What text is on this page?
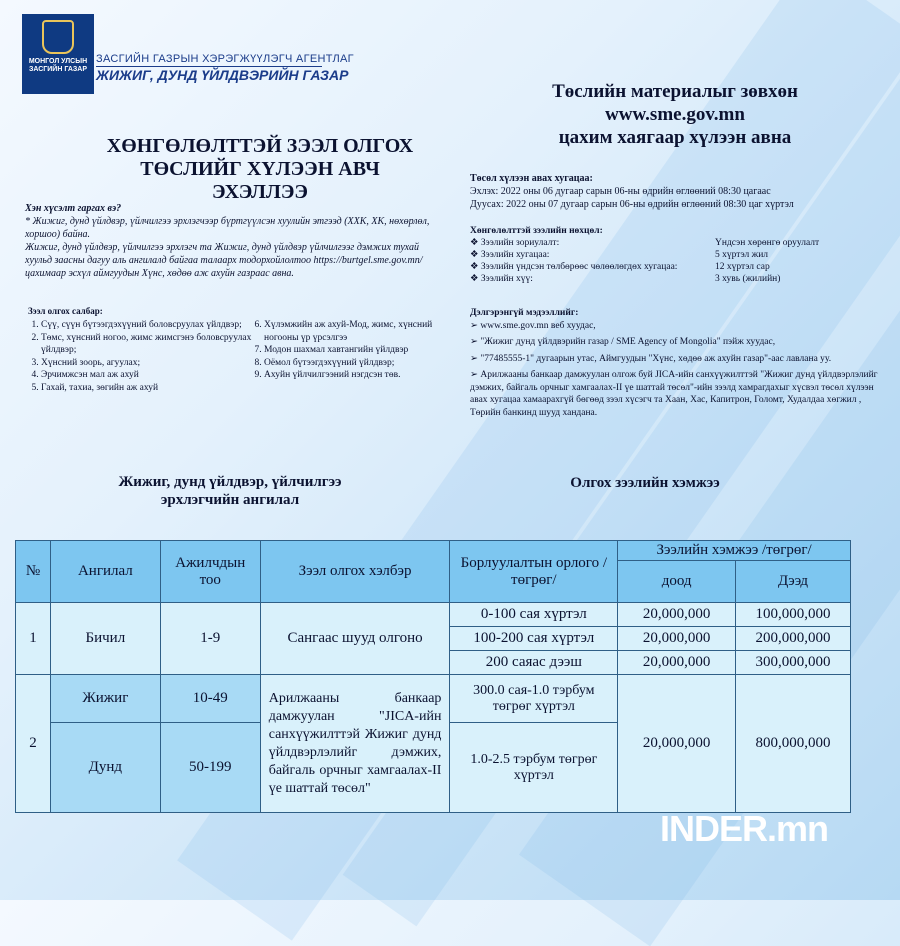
МОНГОЛ УЛСЫН ЗАСГИЙН ГАЗАР
ЗАСГИЙН ГАЗРЫН ХЭРЭГЖҮҮЛЭГЧ АГЕНТЛАГ
ЖИЖИГ, ДУНД ҮЙЛДВЭРИЙН ГАЗАР
ХӨНГӨЛӨЛТТЭЙ ЗЭЭЛ ОЛГОХ
ТӨСЛИЙГ ХҮЛЭЭН АВЧ ЭХЭЛЛЭЭ
Хэн хүсэлт гаргах вэ?
* Жижиг, дунд үйлдвэр, үйлчилгээ эрхлэгчээр бүртгүүлсэн хуулийн этгээд (ХХК, ХК, нөхөрлөл, хоршоо) байна.
Жижиг, дунд үйлдвэр, үйлчилгээ эрхлэгч та Жижиг, дунд үйлдвэр үйлчилгээг дэмжих тухай хуульд заасны дагуу аль ангилалд байгаа талаарх тодорхойлолтоо https://burtgel.sme.gov.mn/ цахимаар эсхүл аймгуудын Хүнс, хөдөө аж ахуйн газраас авна.
Зээл олгох салбар:
1. Сүү, сүүн бүтээгдэхүүний боловсруулах үйлдвэр;
2. Төмс, хүнсний ногоо, жимс жимсгэнэ боловсруулах үйлдвэр;
3. Хүнсний зоорь, агуулах;
4. Эрчимжсэн мал аж ахуй
5. Гахай, тахиа, зөгийн аж ахуй
6. Хүлэмжийн аж ахуй-Мод, жимс, хүнсний ногооны үр үрсэлгээ
7. Модон шахмал хавтангийн үйлдвэр
8. Оёмол бүтээгдэхүүний үйлдвэр;
9. Ахуйн үйлчилгээний нэгдсэн төв.
Төслийн материалыг зөвхөн
www.sme.gov.mn
цахим хаягаар хүлээн авна
Төсөл хүлээн авах хугацаа:
Эхлэх: 2022 оны 06 дугаар сарын 06-ны өдрийн өглөөний 08:30 цагаас
Дуусах: 2022 оны 07 дугаар сарын 06-ны өдрийн өглөөний 08:30 цаг хүртэл
Хөнгөлөлттэй зээлийн нөхцөл:
❖ Зээлийн зориулалт:	Үндсэн хөрөнгө оруулалт
❖ Зээлийн хугацаа:	5 хүртэл жил
❖ Зээлийн үндсэн төлбөрөөс чөлөөлөгдөх хугацаа:	12 хүртэл сар
❖ Зээлийн хүү:	3 хувь (жилийн)
Дэлгэрэнгүй мэдээллийг:
➢ www.sme.gov.mn веб хуудас,
➢ "Жижиг дунд үйлдвэрийн газар / SME Agency of Mongolia" пэйж хуудас,
➢ "77485555-1" дугаарын утас, Аймгуудын "Хүнс, хөдөө аж ахуйн газар"-аас лавлана уу.
➢ Арилжааны банкаар дамжуулан олгож буй JICA-ийн санхүүжилттэй "Жижиг дунд үйлдвэрлэлийг дэмжих, байгаль орчныг хамгаалах-II үе шаттай төсөл"-ийн зээлд хамрагдахыг хүсвэл төсөл хүлээн авах хугацаа хамаарахгүй бөгөөд зээл хүсэгч та Хаан, Хас, Капитрон, Голомт, Худалдаа хөгжил , Төрийн банкинд шууд хандана.
Жижиг, дунд үйлдвэр, үйлчилгээ
эрхлэгчийн ангилал
Олгох зээлийн хэмжээ
№	Ангилал	Ажилчдын тоо	Зээл олгох хэлбэр	Борлуулалтын орлого /төгрөг/	Зээлийн хэмжээ /төгрөг/	
					доод	Дээд
1	Бичил	1-9	Сангаас шууд олгоно	0-100 сая хүртэл	20,000,000	100,000,000
				100-200 сая хүртэл	20,000,000	200,000,000
				200 саяас дээш	20,000,000	300,000,000
2	Жижиг	10-49	Арилжааны банкаар дамжуулан "JICA-ийн санхүүжилттэй Жижиг дунд үйлдвэрлэлийг дэмжих, байгаль орчныг хамгаалах-II үе шаттай төсөл"	300.0 сая-1.0 тэрбум төгрөг хүртэл	20,000,000	800,000,000
	Дунд	50-199		1.0-2.5 тэрбум төгрөг хүртэл		
INDER.mn
